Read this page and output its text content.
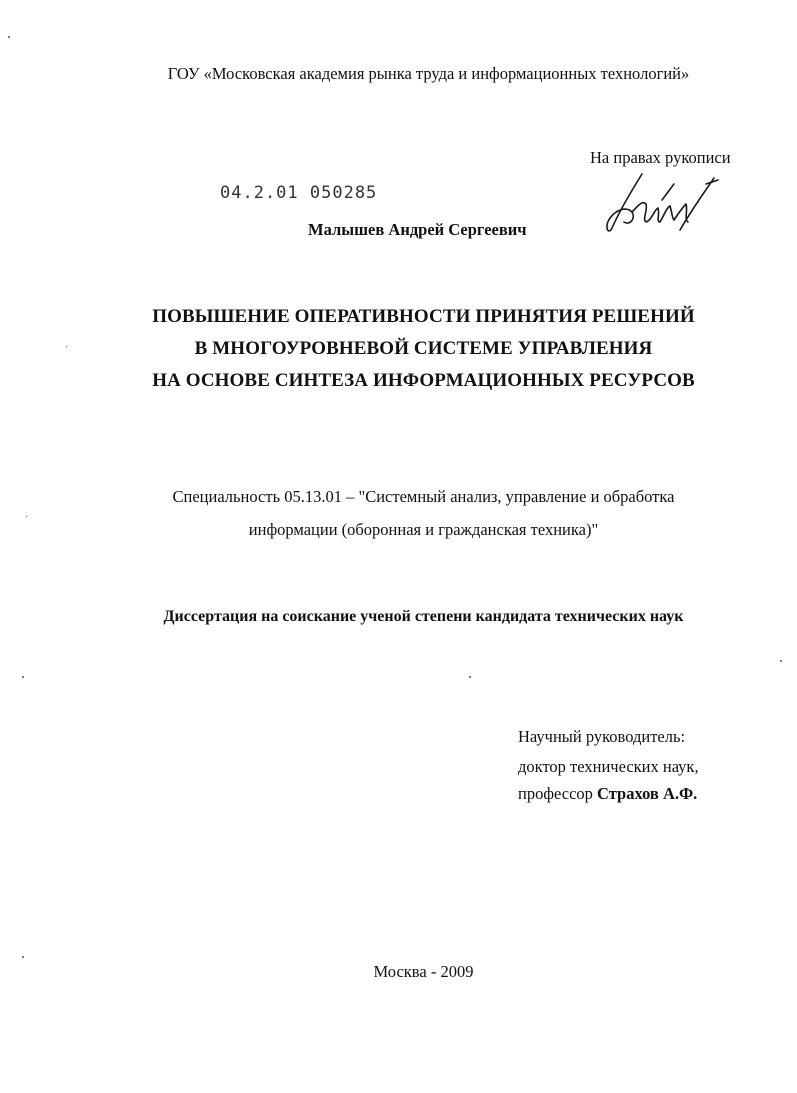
ГОУ «Московская академия рынка труда и информационных технологий»
На правах рукописи
04.2.01 050285
Малышев Андрей Сергеевич
ПОВЫШЕНИЕ ОПЕРАТИВНОСТИ ПРИНЯТИЯ РЕШЕНИЙ
В МНОГОУРОВНЕВОЙ СИСТЕМЕ УПРАВЛЕНИЯ
НА ОСНОВЕ СИНТЕЗА ИНФОРМАЦИОННЫХ РЕСУРСОВ
Специальность 05.13.01 – "Системный анализ, управление и обработка
информации (оборонная и гражданская техника)"
Диссертация на соискание ученой степени кандидата технических наук
Научный руководитель:
доктор технических наук,
профессор Страхов А.Ф.
Москва - 2009
